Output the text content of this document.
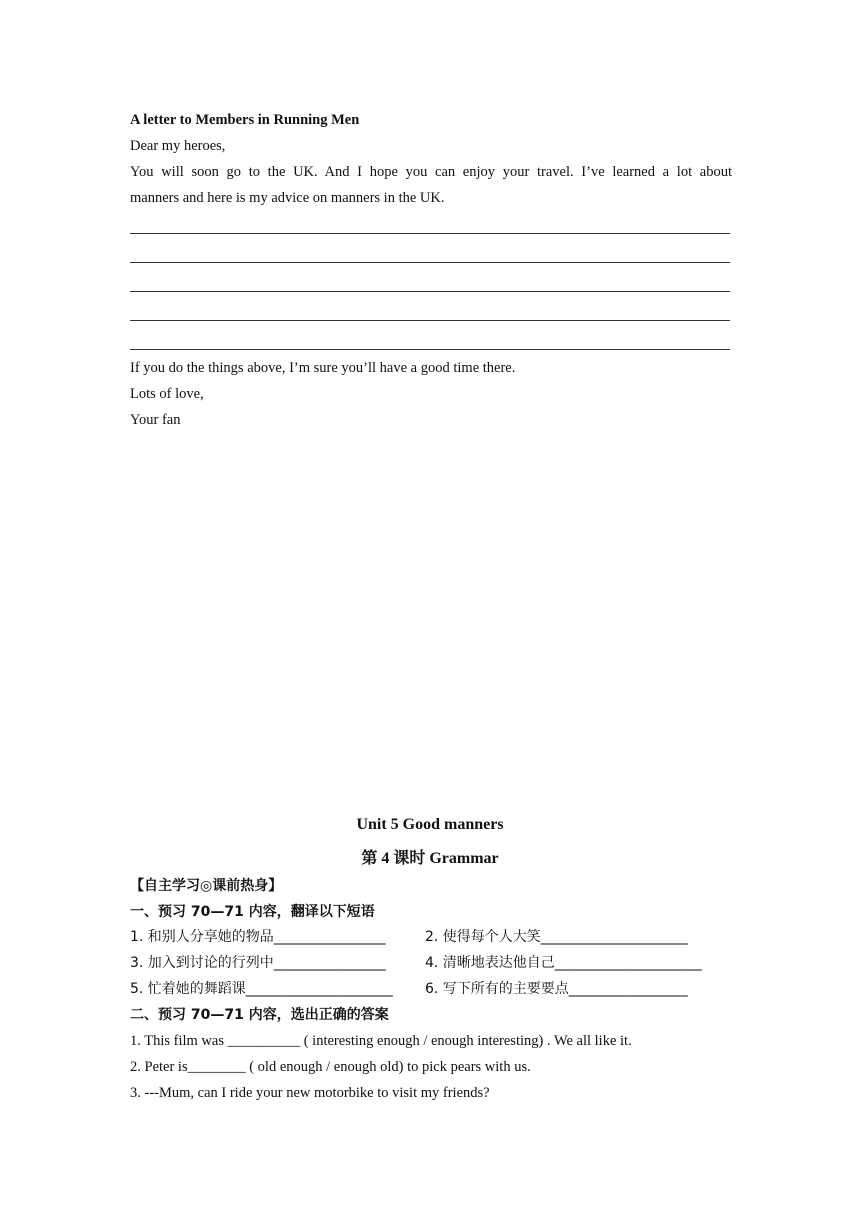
A letter to Members in Running Men
Dear my heroes,
You will soon go to the UK. And I hope you can enjoy your travel. I’ve learned a lot about
manners and here is my advice on manners in the UK.
If you do the things above, I’m sure you’ll have a good time there.
Lots of love,
Your fan
Unit 5 Good manners
第 4 课时 Grammar
【自主学习◎课前热身】
一、预习 70—71 内容，翻译以下短语
1. 和别人分享她的物品________________	2. 使得每个人大笑_____________________
3. 加入到讨论的行列中________________	4. 清晰地表达他自己_____________________
5. 忙着她的舞蹈课_____________________	6. 写下所有的主要要点_________________
二、预习 70—71 内容，选出正确的答案
1. This film was __________ ( interesting enough / enough interesting) . We all like it.
2. Peter is________ ( old enough / enough old) to pick pears with us.
3. ---Mum, can I ride your new motorbike to visit my friends?
